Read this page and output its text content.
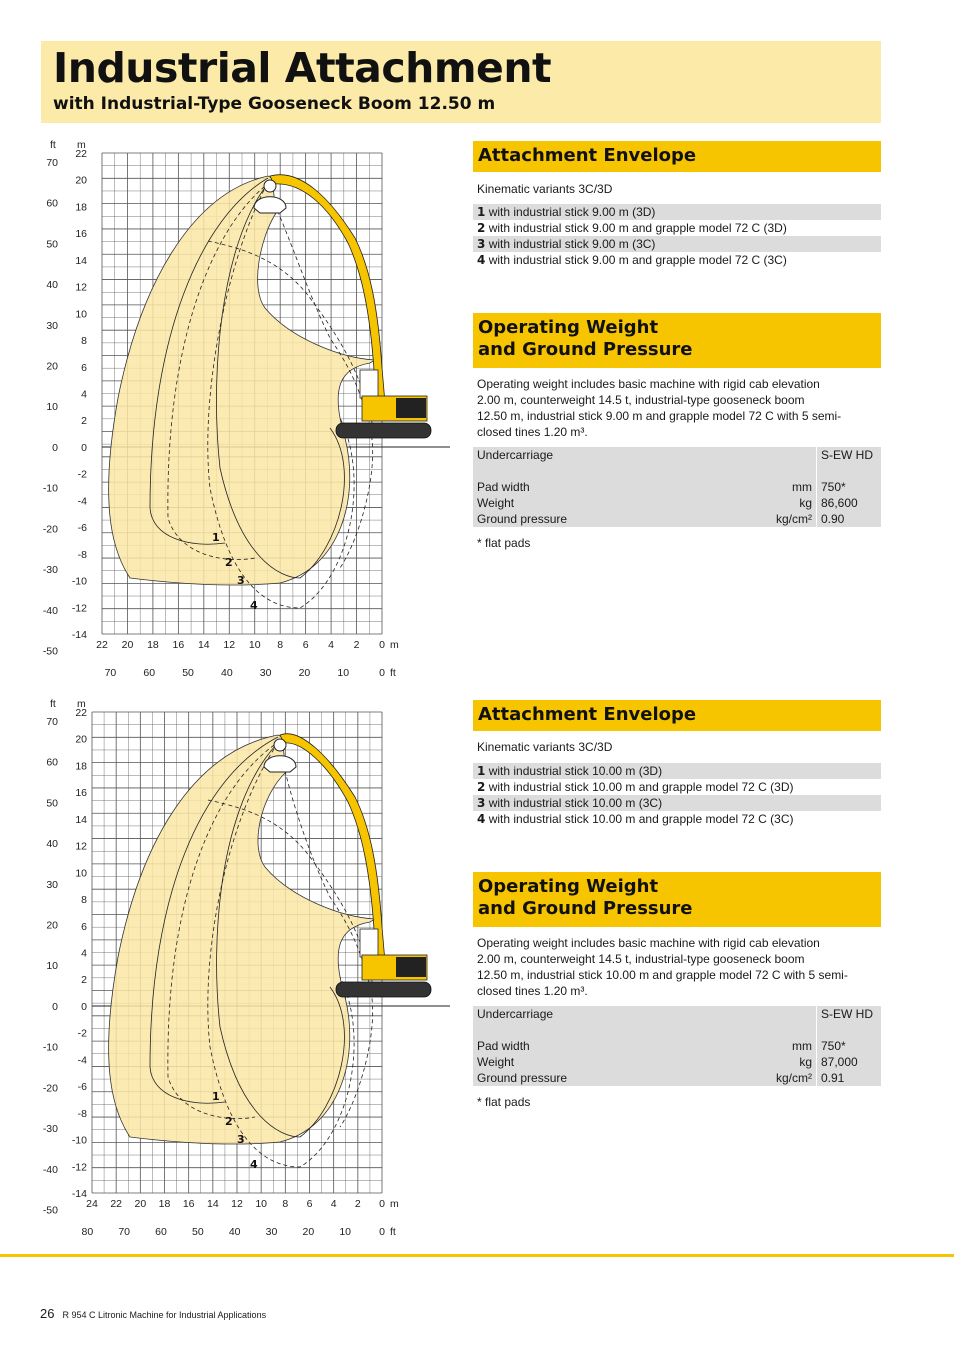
Industrial Attachment
with Industrial-Type Gooseneck Boom 12.50 m
1
2
3
4
ft m
22
20
18
16
14
12
10
8
6
4
2
0
-2
-4
-6
-8
-10
-12
-14
70
60
50
40
30
20
10
0
-10
-20
-30
-40
-50
22 20 18 16 14 12 10 8 6 4 2 0 m
70	60	50	40	30	20	10	0 ft
Attachment Envelope
Kinematic variants 3C/3D
1 with industrial stick 9.00 m (3D)
2 with industrial stick 9.00 m and grapple model 72 C (3D)
3 with industrial stick 9.00 m (3C)
4 with industrial stick 9.00 m and grapple model 72 C (3C)
Operating Weight
and Ground Pressure
Operating weight includes basic machine with rigid cab elevation
2.00 m, counterweight 14.5 t, industrial-type gooseneck boom
12.50 m, industrial stick 9.00 m and grapple model 72 C with 5 semi-
closed tines 1.20 m³.
Undercarriage		S-EW HD
Pad width	mm	750*
Weight	kg	86,600
Ground pressure	kg/cm²	0.90
* flat pads
1
2
3
4
ft m
22
20
18
16
14
12
10
8
6
4
2
0
-2
-4
-6
-8
-10
-12
-14
70
60
50
40
30
20
10
0
-10
-20
-30
-40
-50
24 22 20 18 16 14 12 10 8 6 4 2 0 m
80 70 60 50 40 30 20 10	0 ft
Attachment Envelope
Kinematic variants 3C/3D
1 with industrial stick 10.00 m (3D)
2 with industrial stick 10.00 m and grapple model 72 C (3D)
3 with industrial stick 10.00 m (3C)
4 with industrial stick 10.00 m and grapple model 72 C (3C)
Operating Weight
and Ground Pressure
Operating weight includes basic machine with rigid cab elevation
2.00 m, counterweight 14.5 t, industrial-type gooseneck boom
12.50 m, industrial stick 10.00 m and grapple model 72 C with 5 semi-
closed tines 1.20 m³.
Undercarriage		S-EW HD
Pad width	mm	750*
Weight	kg	87,000
Ground pressure	kg/cm²	0.91
* flat pads
26 R 954 C Litronic Machine for Industrial Applications
